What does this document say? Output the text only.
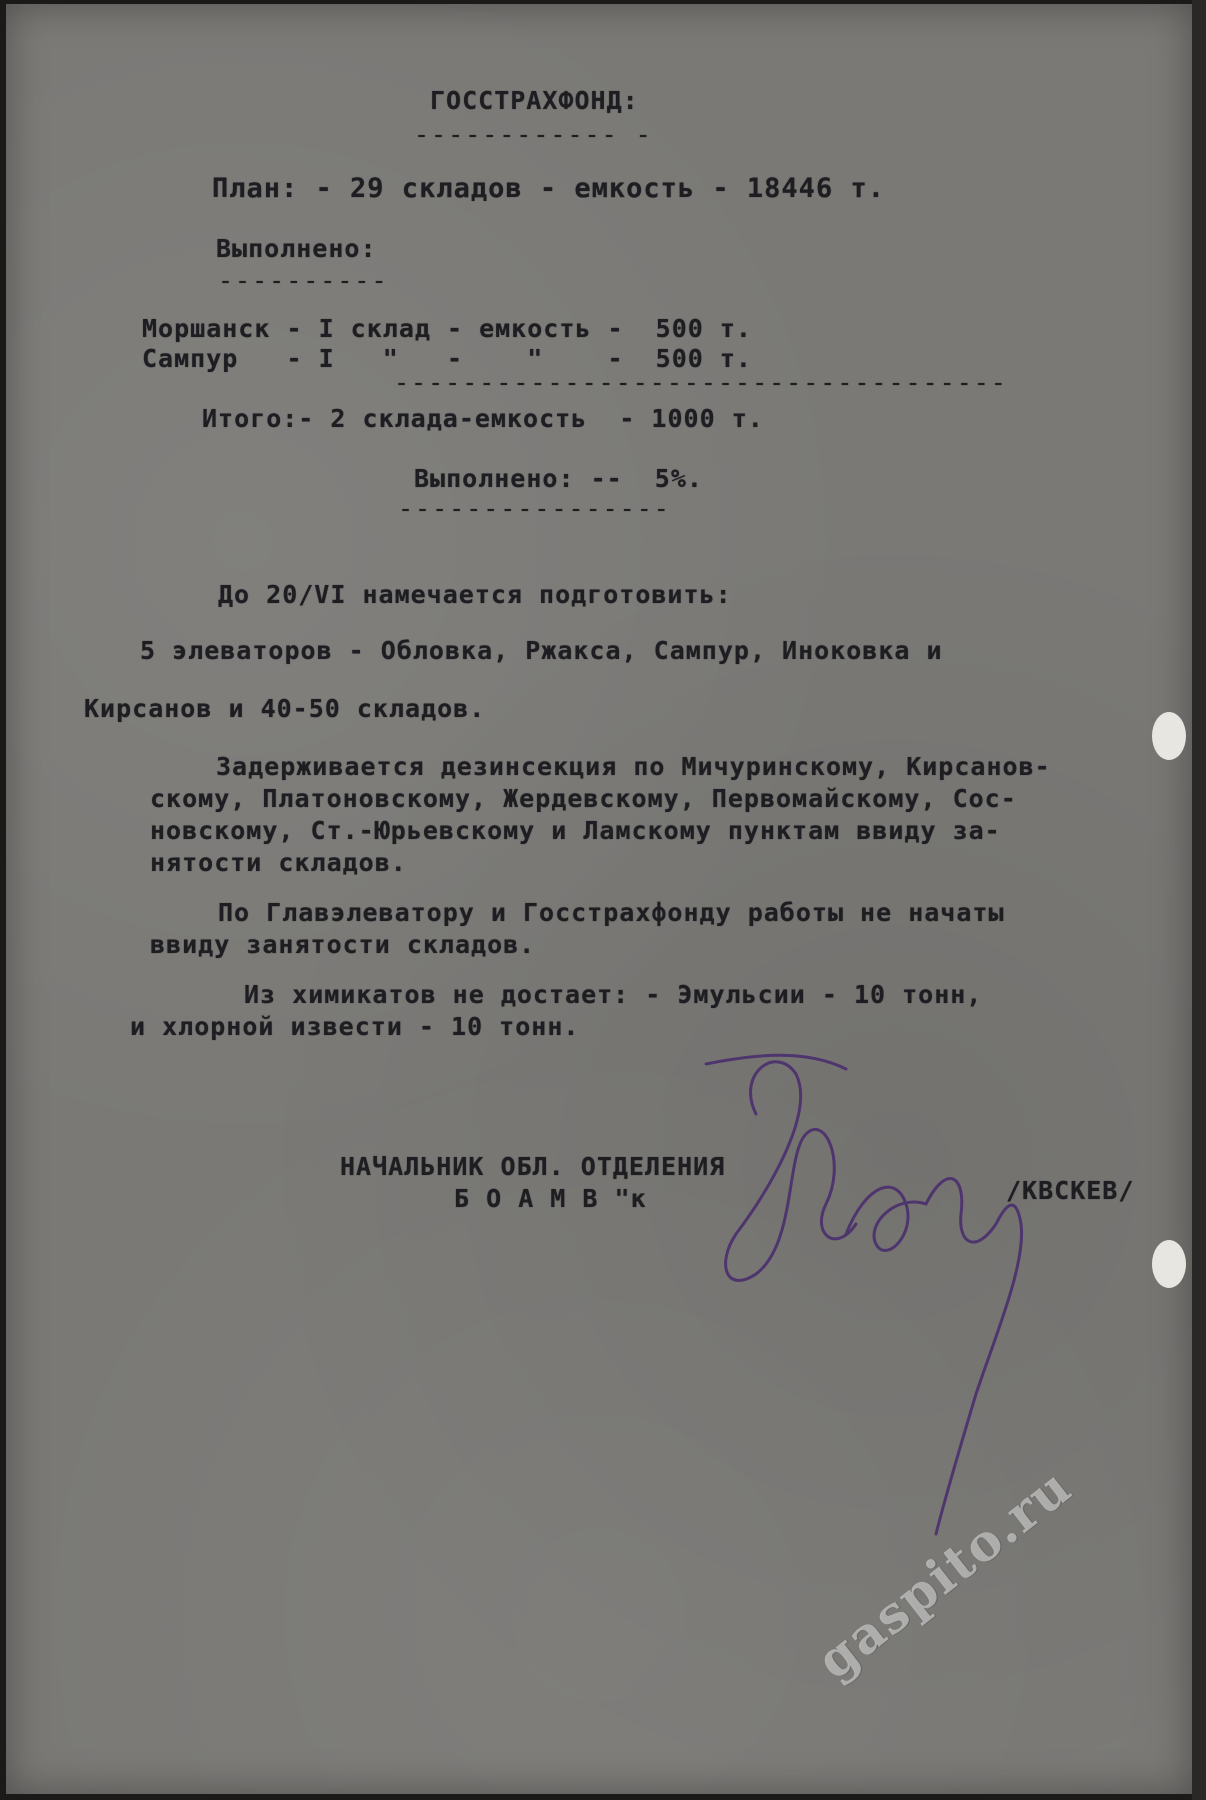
ГОССТРАХФОНД:
------------ -
План: - 29 складов - емкость - 18446 т.
Выполнено:
----------
Моршанск - I склад - емкость -  500 т.
Сампур   - I   "   -    "    -  500 т.
------------------------------------
Итого:- 2 склада-емкость  - 1000 т.
Выполнено: --  5%.
----------------
До 20/VI намечается подготовить:
5 элеваторов - Обловка, Ржакса, Сампур, Иноковка и
Кирсанов и 40-50 складов.
Задерживается дезинсекция по Мичуринскому, Кирсанов-
скому, Платоновскому, Жердевскому, Первомайскому, Сос-
новскому, Ст.-Юрьевскому и Ламскому пунктам ввиду за-
нятости складов.
По Главэлеватору и Госстрахфонду работы не начаты
ввиду занятости складов.
Из химикатов не достает: - Эмульсии - 10 тонн,
и хлорной извести - 10 тонн.
НАЧАЛЬНИК ОБЛ. ОТДЕЛЕНИЯ
Б О А М В "к	/КВСКЕВ/
gaspito.ru
